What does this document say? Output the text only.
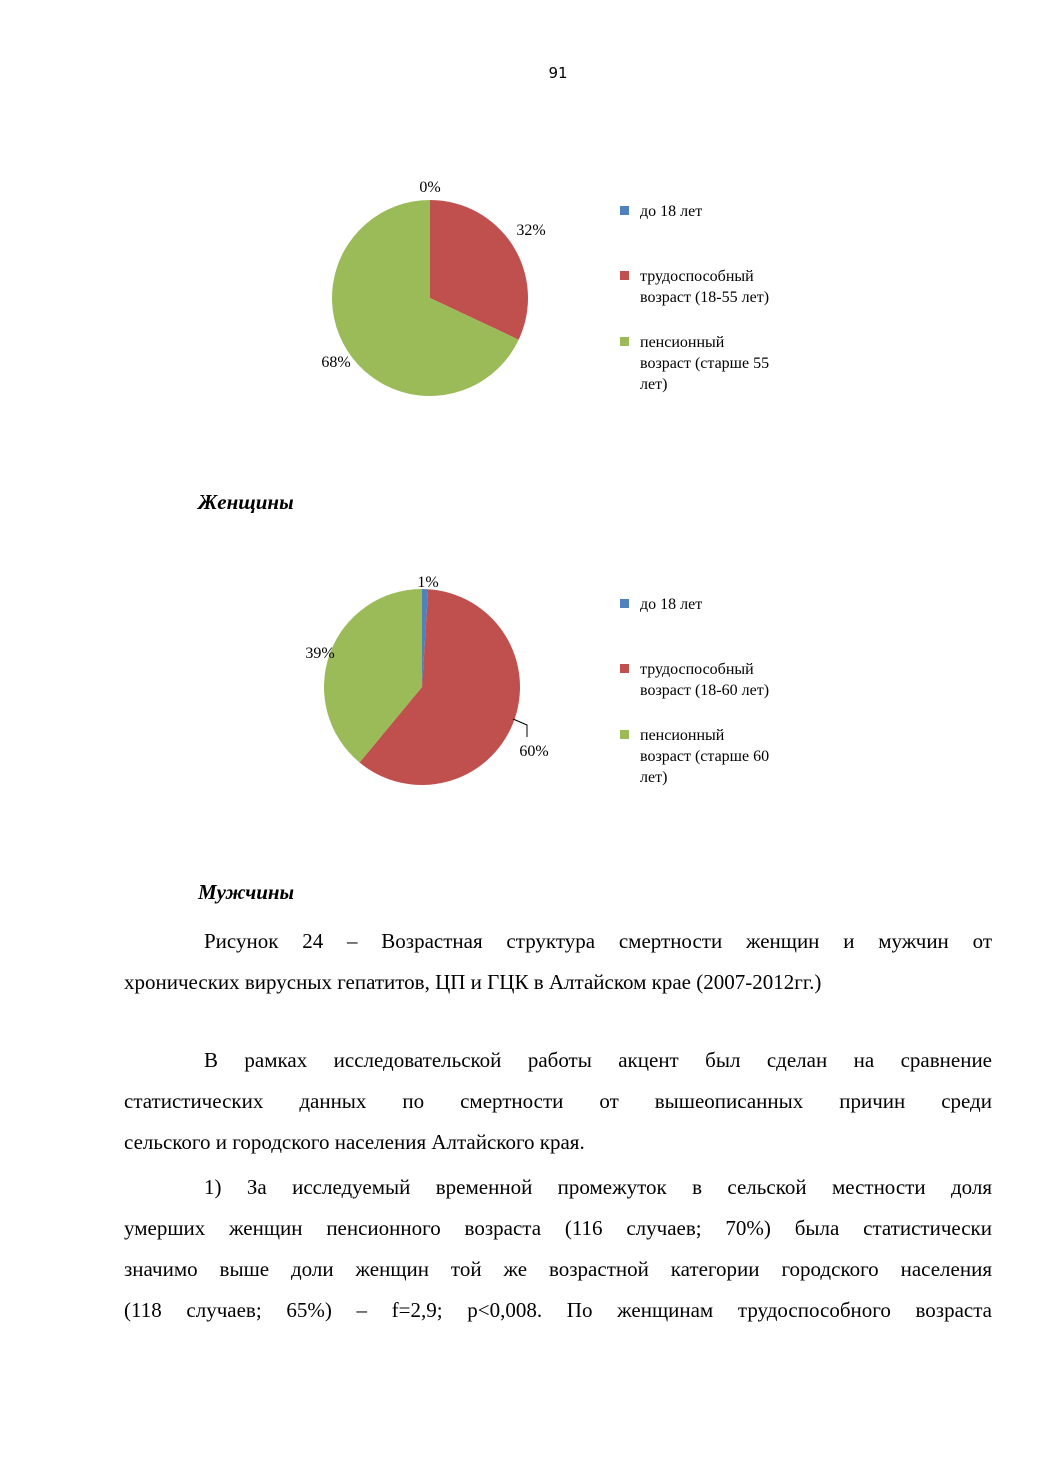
91
0%
32%
68%
до 18 лет
трудоспособный
возраст (18-55 лет)
пенсионный
возраст (старше 55
лет)
Женщины
1%
60%
39%
до 18 лет
трудоспособный
возраст (18-60 лет)
пенсионный
возраст (старше 60
лет)
Мужчины
Рисунок 24 – Возрастная структура смертности женщин и мужчин от
хронических вирусных гепатитов, ЦП и ГЦК в Алтайском крае (2007-2012гг.)
В рамках исследовательской работы акцент был сделан на сравнение
статистических данных по смертности от вышеописанных причин среди
сельского и городского населения Алтайского края.
1) За исследуемый временной промежуток в сельской местности доля
умерших женщин пенсионного возраста (116 случаев; 70%) была статистически
значимо выше доли женщин той же возрастной категории городского населения
(118 случаев; 65%) – f=2,9; p<0,008. По женщинам трудоспособного возраста
